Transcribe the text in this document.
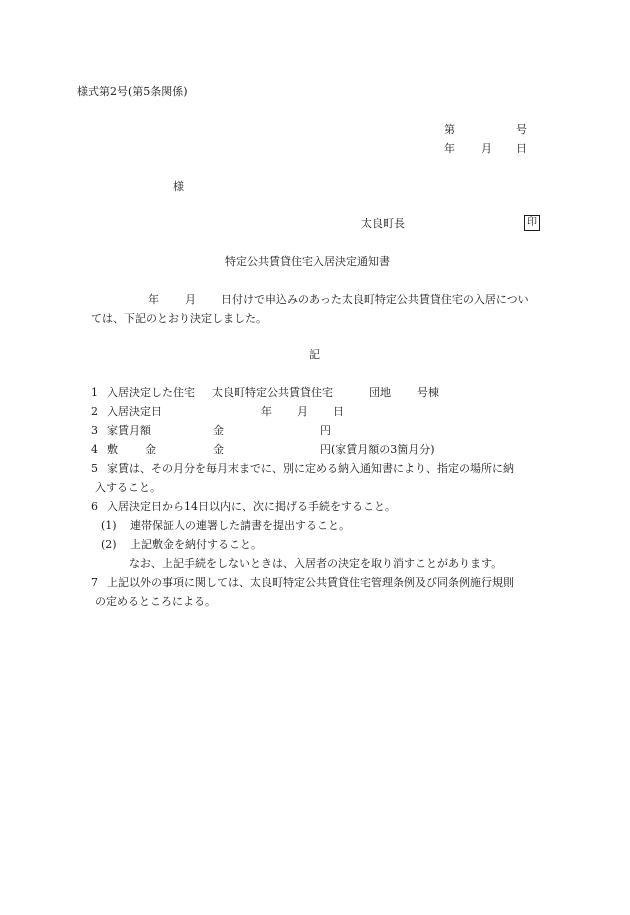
様式第2号(第5条関係)
第	号
年 月 日
様
太良町長	印
特定公共賃貸住宅入居決定通知書
年 月 日付けで申込みのあった太良町特定公共賃貸住宅の入居につい
ては、下記のとおり決定しました。
記
1 入居決定した住宅 太良町特定公共賃貸住宅	団地 号棟
2 入居決定日	年 月 日
3 家賃月額	金	円
4 敷 金	金	円(家賃月額の3箇月分)
5 家賃は、その月分を毎月末までに、別に定める納入通知書により、指定の場所に納
入すること。
6 入居決定日から14日以内に、次に掲げる手続をすること。
(1) 連帯保証人の連署した請書を提出すること。
(2) 上記敷金を納付すること。
なお、上記手続をしないときは、入居者の決定を取り消すことがあります。
7 上記以外の事項に関しては、太良町特定公共賃貸住宅管理条例及び同条例施行規則
の定めるところによる。
